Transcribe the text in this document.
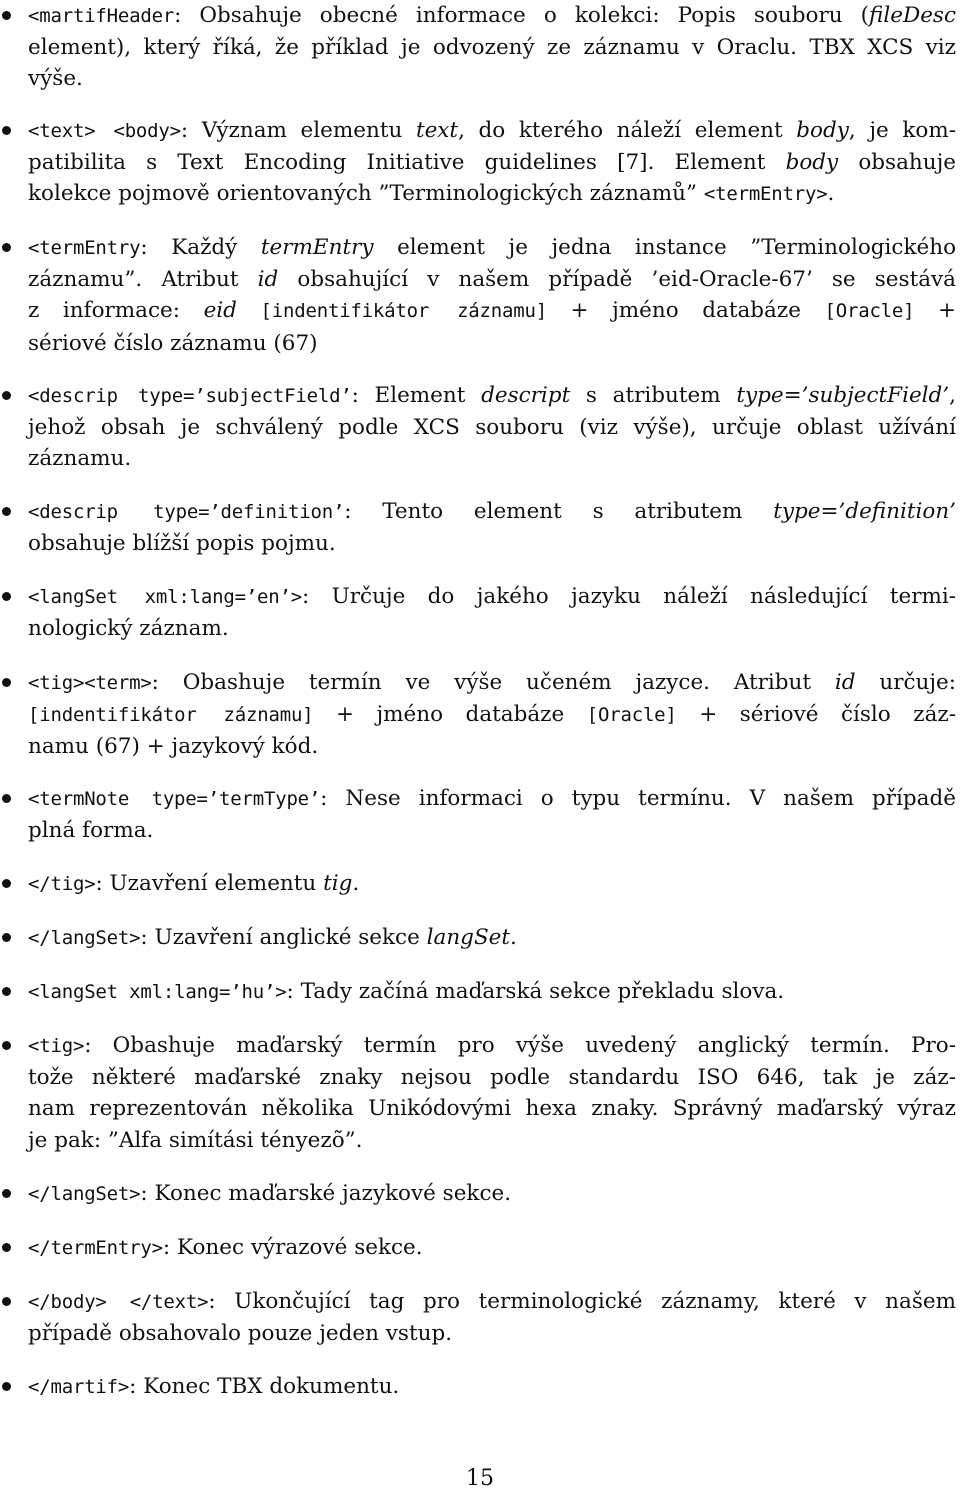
<martifHeader: Obsahuje obecné informace o kolekci: Popis souboru (fileDesc
element), který říká, že příklad je odvozený ze záznamu v Oraclu. TBX XCS viz
výše.
<text> <body>: Význam elementu text, do kterého náleží element body, je kom-
patibilita s Text Encoding Initiative guidelines [7]. Element body obsahuje
kolekce pojmově orientovaných ”Terminologických záznamů” <termEntry>.
<termEntry: Každý termEntry element je jedna instance ”Terminologického
záznamu”. Atribut id obsahující v našem případě ’eid-Oracle-67’ se sestává
z informace: eid [indentifikátor záznamu] + jméno databáze [Oracle] +
sériové číslo záznamu (67)
<descrip type=’subjectField’: Element descript s atributem type=’subjectField’,
jehož obsah je schválený podle XCS souboru (viz výše), určuje oblast užívání
záznamu.
<descrip type=’definition’: Tento element s atributem type=’definition’
obsahuje blížší popis pojmu.
<langSet xml:lang=’en’>: Určuje do jakého jazyku náleží následující termi-
nologický záznam.
<tig><term>: Obashuje termín ve výše učeném jazyce. Atribut id určuje:
[indentifikátor záznamu] + jméno databáze [Oracle] + sériové číslo záz-
namu (67) + jazykový kód.
<termNote type=’termType’: Nese informaci o typu termínu. V našem případě
plná forma.
</tig>: Uzavření elementu tig.
</langSet>: Uzavření anglické sekce langSet.
<langSet xml:lang=’hu’>: Tady začíná maďarská sekce překladu slova.
<tig>: Obashuje maďarský termín pro výše uvedený anglický termín. Pro-
tože některé maďarské znaky nejsou podle standardu ISO 646, tak je záz-
nam reprezentován několika Unikódovými hexa znaky. Správný maďarský výraz
je pak: ”Alfa simítási tényezõ”.
</langSet>: Konec maďarské jazykové sekce.
</termEntry>: Konec výrazové sekce.
</body> </text>: Ukončující tag pro terminologické záznamy, které v našem
případě obsahovalo pouze jeden vstup.
</martif>: Konec TBX dokumentu.
15
